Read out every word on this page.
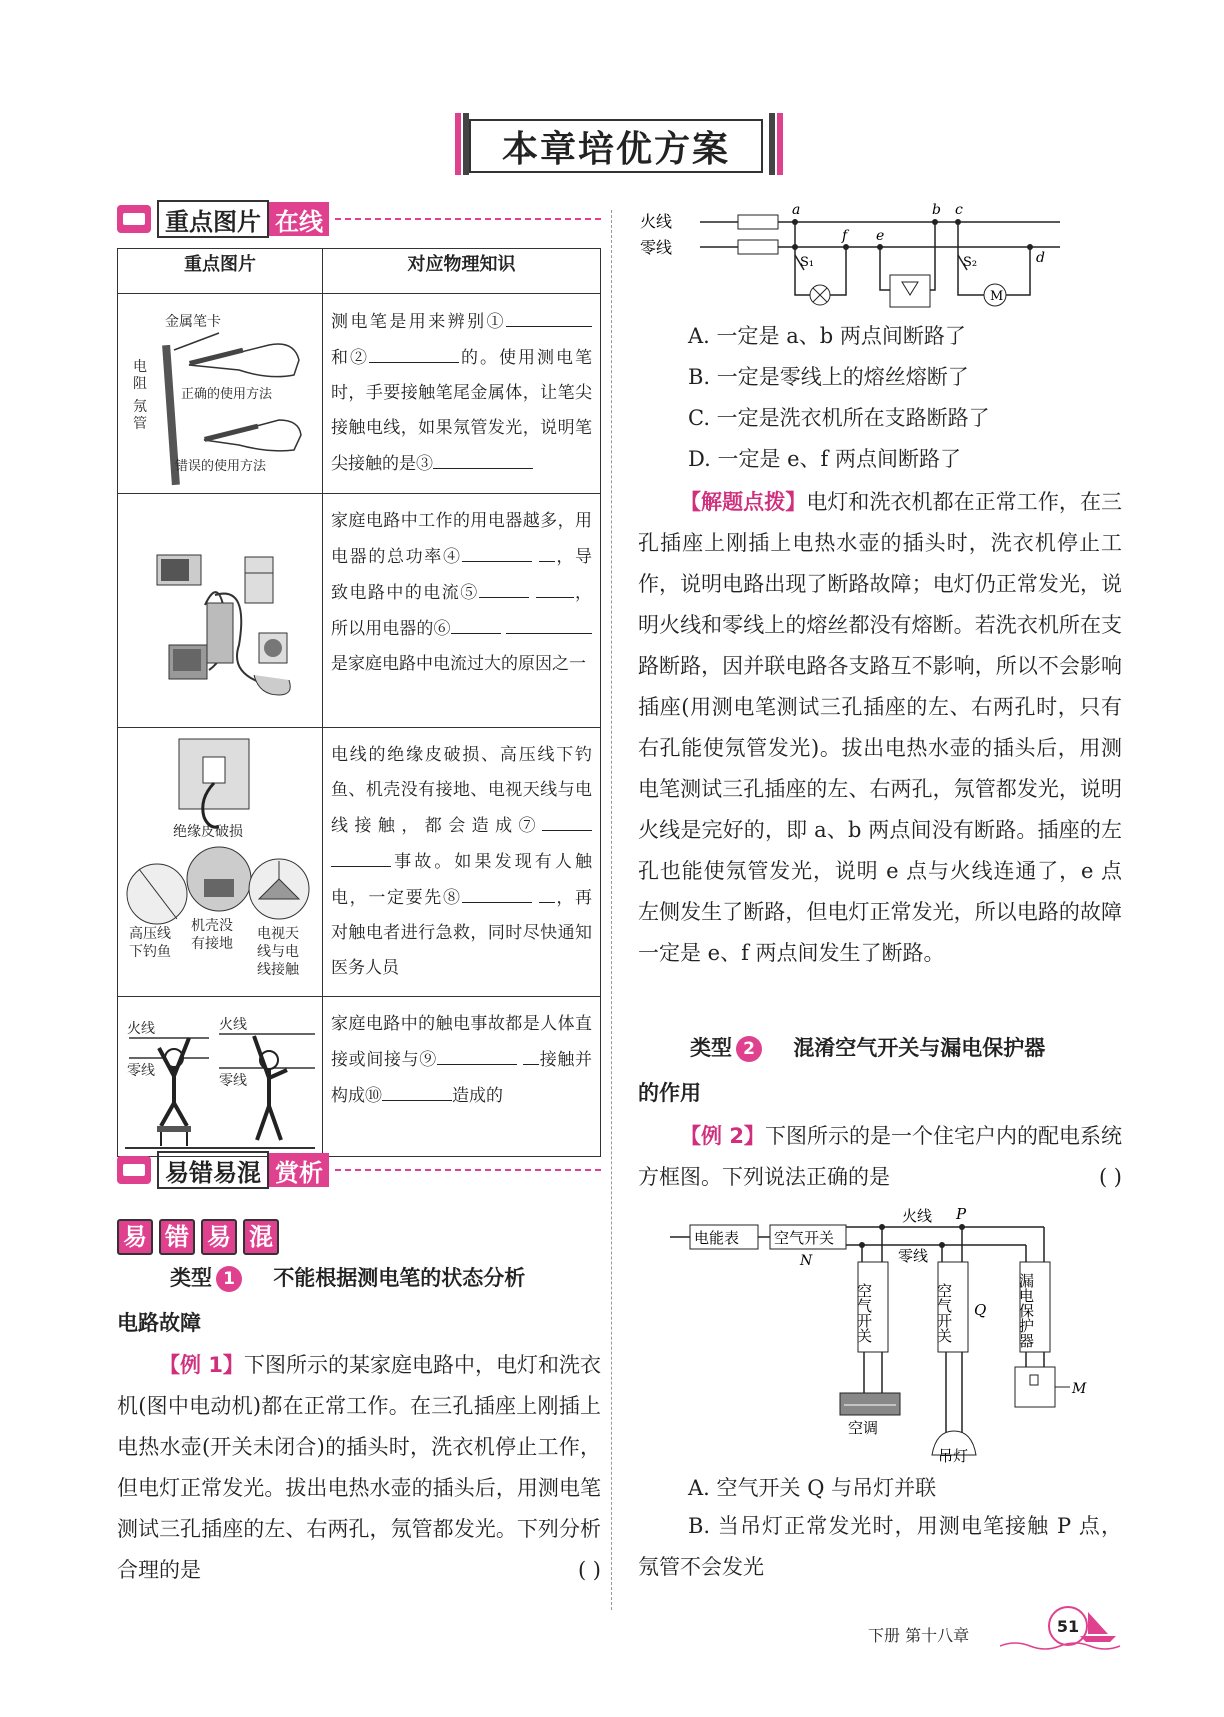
本章培优方案
重点图片 在线
重点图片	对应物理知识

金属笔卡
电阻
氖管
正确的使用方法
错误的使用方法	测电笔是用来辨别① 和② 的。使用测电笔时，手要接触笔尾金属体，让笔尖接触电线，如果氖管发光，说明笔尖接触的是③

	家庭电路中工作的用电器越多，用电器的总功率④ ，导致电路中的电流⑤ ，所以用电器的⑥ 是家庭电路中电流过大的原因之一

绝缘皮破损
高压线下钓鱼
机壳没有接地
电视天线与电线接触	电线的绝缘皮破损、高压线下钓鱼、机壳没有接地、电视天线与电线接触，都会造成⑦ 事故。如果发现有人触电，一定要先⑧ ，再对触电者进行急救，同时尽快通知医务人员

火线
零线
火线
零线	家庭电路中的触电事故都是人体直接或间接与⑨ 接触并构成⑩ 造成的
易错易混 赏析
易 错 易 混
类型 1 不能根据测电笔的状态分析
电路故障
【例 1】下图所示的某家庭电路中，电灯和洗衣机(图中电动机)都在正常工作。在三孔插座上刚插上电热水壶(开关未闭合)的插头时，洗衣机停止工作，但电灯正常发光。拔出电热水壶的插头后，用测电笔测试三孔插座的左、右两孔，氖管都发光。下列分析合理的是	( )
M
火线
零线
a	b c
f e
d
S₁	S₂
A. 一定是 a、b 两点间断路了
B. 一定是零线上的熔丝熔断了
C. 一定是洗衣机所在支路断路了
D. 一定是 e、f 两点间断路了
【解题点拨】电灯和洗衣机都在正常工作，在三孔插座上刚插上电热水壶的插头时，洗衣机停止工作，说明电路出现了断路故障；电灯仍正常发光，说明火线和零线上的熔丝都没有熔断。若洗衣机所在支路断路，因并联电路各支路互不影响，所以不会影响插座(用测电笔测试三孔插座的左、右两孔时，只有右孔能使氖管发光)。拔出电热水壶的插头后，用测电笔测试三孔插座的左、右两孔，氖管都发光，说明火线是完好的，即 a、b 两点间没有断路。插座的左孔也能使氖管发光，说明 e 点与火线连通了，e 点左侧发生了断路，但电灯正常发光，所以电路的故障一定是 e、f 两点间发生了断路。
类型 2 混淆空气开关与漏电保护器
的作用
【例 2】下图所示的是一个住宅户内的配电系统方框图。下列说法正确的是	( )
电能表 空气开关
火线 P
N	零线
空气开关	空气开关 Q 漏电保护器
空调
吊灯
M
A. 空气开关 Q 与吊灯并联
B. 当吊灯正常发光时，用测电笔接触 P 点，氖管不会发光
下册 第十八章	51
